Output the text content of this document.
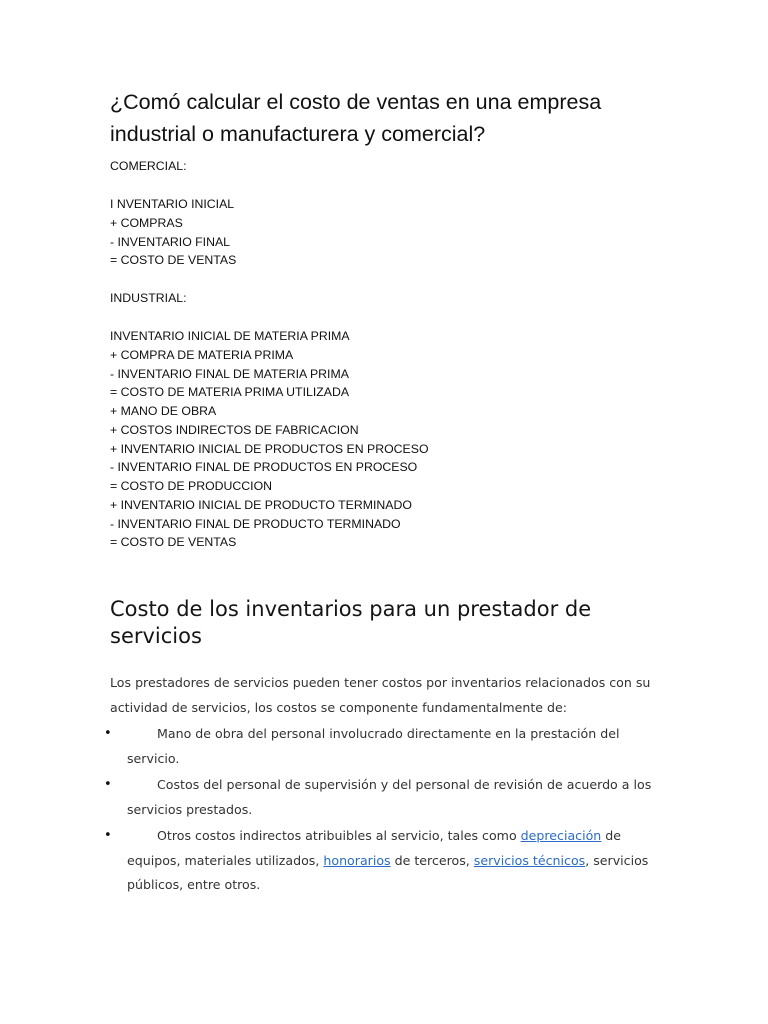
¿Comó calcular el costo de ventas en una empresa industrial o manufacturera y comercial?
COMERCIAL:
I NVENTARIO INICIAL
+ COMPRAS
- INVENTARIO FINAL
= COSTO DE VENTAS
INDUSTRIAL:
INVENTARIO INICIAL DE MATERIA PRIMA
+ COMPRA DE MATERIA PRIMA
- INVENTARIO FINAL DE MATERIA PRIMA
= COSTO DE MATERIA PRIMA UTILIZADA
+ MANO DE OBRA
+ COSTOS INDIRECTOS DE FABRICACION
+ INVENTARIO INICIAL DE PRODUCTOS EN PROCESO
- INVENTARIO FINAL DE PRODUCTOS EN PROCESO
= COSTO DE PRODUCCION
+ INVENTARIO INICIAL DE PRODUCTO TERMINADO
- INVENTARIO FINAL DE PRODUCTO TERMINADO
= COSTO DE VENTAS
Costo de los inventarios para un prestador de servicios

Los prestadores de servicios pueden tener costos por inventarios relacionados con su actividad de servicios, los costos se componente fundamentalmente de:

•	Mano de obra del personal involucrado directamente en la prestación del servicio.
•	Costos del personal de supervisión y del personal de revisión de acuerdo a los servicios prestados.
•	Otros costos indirectos atribuibles al servicio, tales como depreciación de equipos, materiales utilizados, honorarios de terceros, servicios técnicos, servicios públicos, entre otros.
